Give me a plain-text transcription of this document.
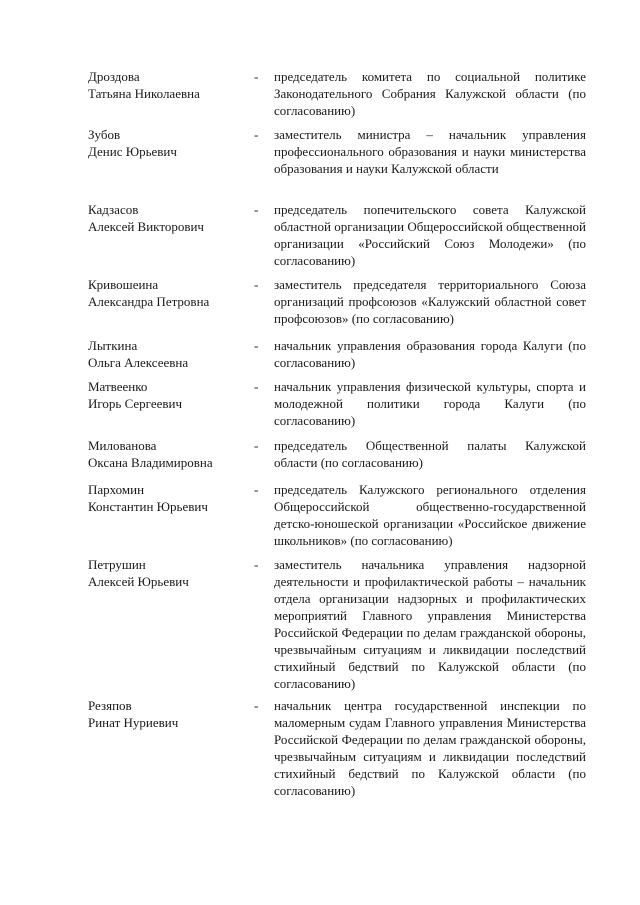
Дроздова
Татьяна Николаевна
- председатель комитета по социальной политике Законодательного Собрания Калужской области (по согласованию)
Зубов
Денис Юрьевич
- заместитель министра – начальник управления профессионального образования и науки министерства образования и науки Калужской области
Кадзасов
Алексей Викторович
- председатель попечительского совета Калужской областной организации Общероссийской общественной организации «Российский Союз Молодежи» (по согласованию)
Кривошеина
Александра Петровна
- заместитель председателя территориального Союза организаций профсоюзов «Калужский областной совет профсоюзов» (по согласованию)
Лыткина
Ольга Алексеевна
- начальник управления образования города Калуги (по согласованию)
Матвеенко
Игорь Сергеевич
- начальник управления физической культуры, спорта и молодежной политики города Калуги (по согласованию)
Милованова
Оксана Владимировна
- председатель Общественной палаты Калужской области (по согласованию)
Пархомин
Константин Юрьевич
- председатель Калужского регионального отделения Общероссийской общественно-государственной детско-юношеской организации «Российское движение школьников» (по согласованию)
Петрушин
Алексей Юрьевич
- заместитель начальника управления надзорной деятельности и профилактической работы – начальник отдела организации надзорных и профилактических мероприятий Главного управления Министерства Российской Федерации по делам гражданской обороны, чрезвычайным ситуациям и ликвидации последствий стихийный бедствий по Калужской области (по согласованию)
Резяпов
Ринат Нуриевич
- начальник центра государственной инспекции по маломерным судам Главного управления Министерства Российской Федерации по делам гражданской обороны, чрезвычайным ситуациям и ликвидации последствий стихийный бедствий по Калужской области (по согласованию)
